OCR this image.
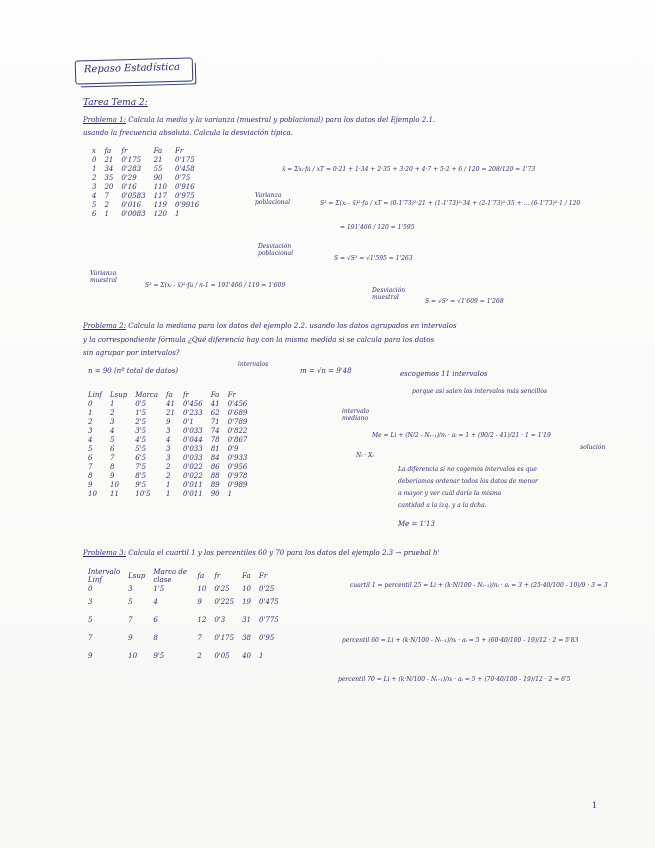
Repaso Estadística
Tarea Tema 2:
Problema 1: Calcula la media y la varianza (muestral y poblacional) para los datos del Ejemplo 2.1.
usando la frecuencia absoluta. Calcula la desviación típica.
x	fa	fr	Fa	Fr
0	21	0'175	21	0'175
1	34	0'283	55	0'458
2	35	0'29	90	0'75
3	20	0'16	110	0'916
4	7	0'0583	117	0'975
5	2	0'016	119	0'9916
6	1	0'0083	120	1
x̄ = Σxᵢ·fa / xT = 0·21 + 1·34 + 2·35 + 3·20 + 4·7 + 5·2 + 6 / 120 = 208/120 = 1'73
Varianza poblacional	S² = Σ(xᵢ - x̄)²·fa / xT = (0-1'73)²·21 + (1-1'73)²·34 + (2-1'73)²·35 + ... (6-1'73)²·1 / 120
= 191'466 / 120 = 1'595
Desviación poblacional
S = √S² = √1'595 = 1'263
Varianza muestral
S² = Σ(xᵢ - x̄)²·fa / n-1 = 191'466 / 119 = 1'609
Desviación muestral
S = √S² = √1'609 = 1'268
Problema 2: Calcula la mediana para los datos del ejemplo 2.2. usando los datos agrupados en intervalos
y la correspondiente fórmula ¿Qué diferencia hay con la misma medida si se calcula para los datos
sin agrupar por intervalos?
n = 90 (nº total de datos)
intervalos
m = √n = 9'48	escogemos 11 intervalos
porque así salen los intervalos más sencillos
Linf	Lsup	Marca	fa	fr	Fa	Fr
0	1	0'5	41	0'456	41	0'456
1	2	1'5	21	0'233	62	0'689
2	3	2'5	9	0'1	71	0'789
3	4	3'5	3	0'033	74	0'822
4	5	4'5	4	0'044	78	0'867
5	6	5'5	3	0'033	81	0'9
6	7	6'5	3	0'033	84	0'933
7	8	7'5	2	0'022	86	0'956
8	9	8'5	2	0'022	88	0'978
9	10	9'5	1	0'011	89	0'989
10	11	10'5	1	0'011	90	1
intervalo mediano
Me = Li + (N/2 - Nᵢ₋₁)/nᵢ · aᵢ = 1 + (90/2 - 41)/21 · 1 = 1'19
solución
Nᵢ · Xᵢ
La diferencia si no cogemos intervalos es que
deberíamos ordenar todos los datos de menor
a mayor y ver cuál daría la misma
cantidad a la izq. y a la dcha.
Me = 1'13
Problema 3: Calcula el cuartil 1 y los percentiles 60 y 70 para los datos del ejemplo 2.3 → pruebal h'
Intervalo Linf	Lsup	Marca de clase	fa	fr	Fa	Fr
0	3	1'5	10	0'25	10	0'25
3	5	4	9	0'225	19	0'475
5	7	6	12	0'3	31	0'775
7	9	8	7	0'175	38	0'95
9	10	9'5	2	0'05	40	1
cuartil 1 = percentil 25 = Li + (k·N/100 - Nᵢ₋₁)/nᵢ · aᵢ = 3 + (25·40/100 - 10)/9 · 3 = 3
percentil 60 = Li + (k·N/100 - Nᵢ₋₁)/nᵢ · aᵢ = 5 + (60·40/100 - 19)/12 · 2 = 5'83
percentil 70 = Li + (k·N/100 - Nᵢ₋₁)/nᵢ · aᵢ = 5 + (70·40/100 - 19)/12 · 2 = 6'5
1
